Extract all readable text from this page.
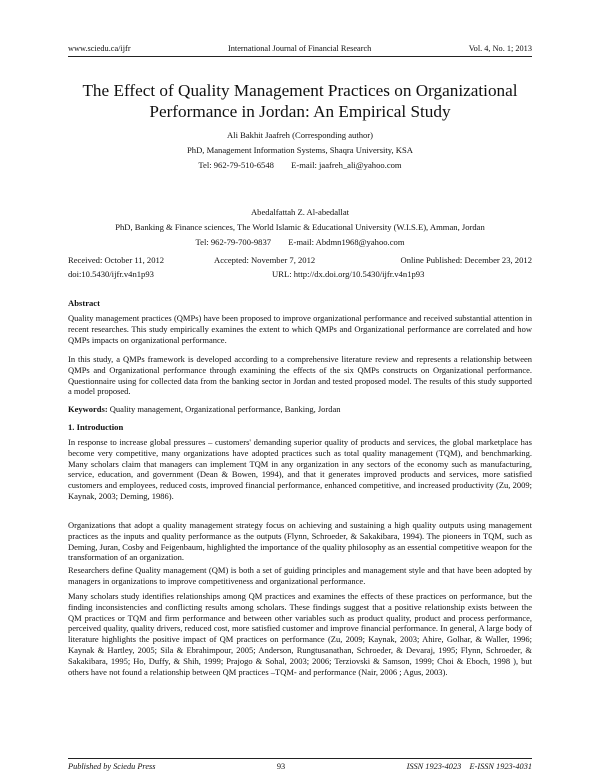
www.sciedu.ca/ijfr	International Journal of Financial Research	Vol. 4, No. 1; 2013
The Effect of Quality Management Practices on Organizational
Performance in Jordan: An Empirical Study
Ali Bakhit Jaafreh (Corresponding author)
PhD, Management Information Systems, Shaqra University, KSA
Tel: 962-79-510-6548        E-mail: jaafreh_ali@yahoo.com
Abedalfattah Z. Al-abedallat
PhD, Banking & Finance sciences, The World Islamic & Educational University (W.I.S.E), Amman, Jordan
Tel: 962-79-700-9837        E-mail: Abdmn1968@yahoo.com
Received: October 11, 2012	Accepted: November 7, 2012	Online Published: December 23, 2012
doi:10.5430/ijfr.v4n1p93	URL: http://dx.doi.org/10.5430/ijfr.v4n1p93
Abstract
Quality management practices (QMPs) have been proposed to improve organizational performance and received substantial attention in recent researches. This study empirically examines the extent to which QMPs and Organizational performance are correlated and how QMPs impacts on organizational performance.
In this study, a QMPs framework is developed according to a comprehensive literature review and represents a relationship between QMPs and Organizational performance through examining the effects of the six QMPs constructs on Organizational performance. Questionnaire using for collected data from the banking sector in Jordan and tested proposed model. The results of this study supported a model proposed.
Keywords: Quality management, Organizational performance, Banking, Jordan
1. Introduction
In response to increase global pressures – customers' demanding superior quality of products and services, the global marketplace has become very competitive, many organizations have adopted practices such as total quality management (TQM), and benchmarking. Many scholars claim that managers can implement TQM in any organization in any sectors of the economy such as manufacturing, service, education, and government (Dean & Bowen, 1994), and that it generates improved products and services, more satisfied customers and employees, reduced costs, improved financial performance, enhanced competitive, and increased productivity (Zu, 2009; Kaynak, 2003; Deming, 1986).
Organizations that adopt a quality management strategy focus on achieving and sustaining a high quality outputs using management practices as the inputs and quality performance as the outputs (Flynn, Schroeder, & Sakakibara, 1994). The pioneers in TQM, such as Deming, Juran, Cosby and Feigenbaum, highlighted the importance of the quality philosophy as an essential competitive weapon for the transformation of an organization.
Researchers define Quality management (QM) is both a set of guiding principles and management style and that have been adopted by managers in organizations to improve competitiveness and organizational performance.
Many scholars study identifies relationships among QM practices and examines the effects of these practices on performance, but the finding inconsistencies and conflicting results among scholars. These findings suggest that a positive relationship exists between the QM practices or TQM and firm performance and between other variables such as product quality, product and process performance, perceived quality, quality drivers, reduced cost, more satisfied customer and improve financial performance. In general, A large body of literature highlights the positive impact of QM practices on performance (Zu, 2009; Kaynak, 2003; Ahire, Golhar, & Waller, 1996; Kaynak & Hartley, 2005; Sila & Ebrahimpour, 2005; Anderson, Rungtusanathan, Schroeder, & Devaraj, 1995; Flynn, Schroeder, & Sakakibara, 1995; Ho, Duffy, & Shih, 1999; Prajogo & Sohal, 2003; 2006; Terziovski & Samson, 1999; Choi & Eboch, 1998 ), but others have not found a relationship between QM practices –TQM- and performance (Nair, 2006 ; Agus, 2003).
Published by Sciedu Press	93	ISSN 1923-4023    E-ISSN 1923-4031
